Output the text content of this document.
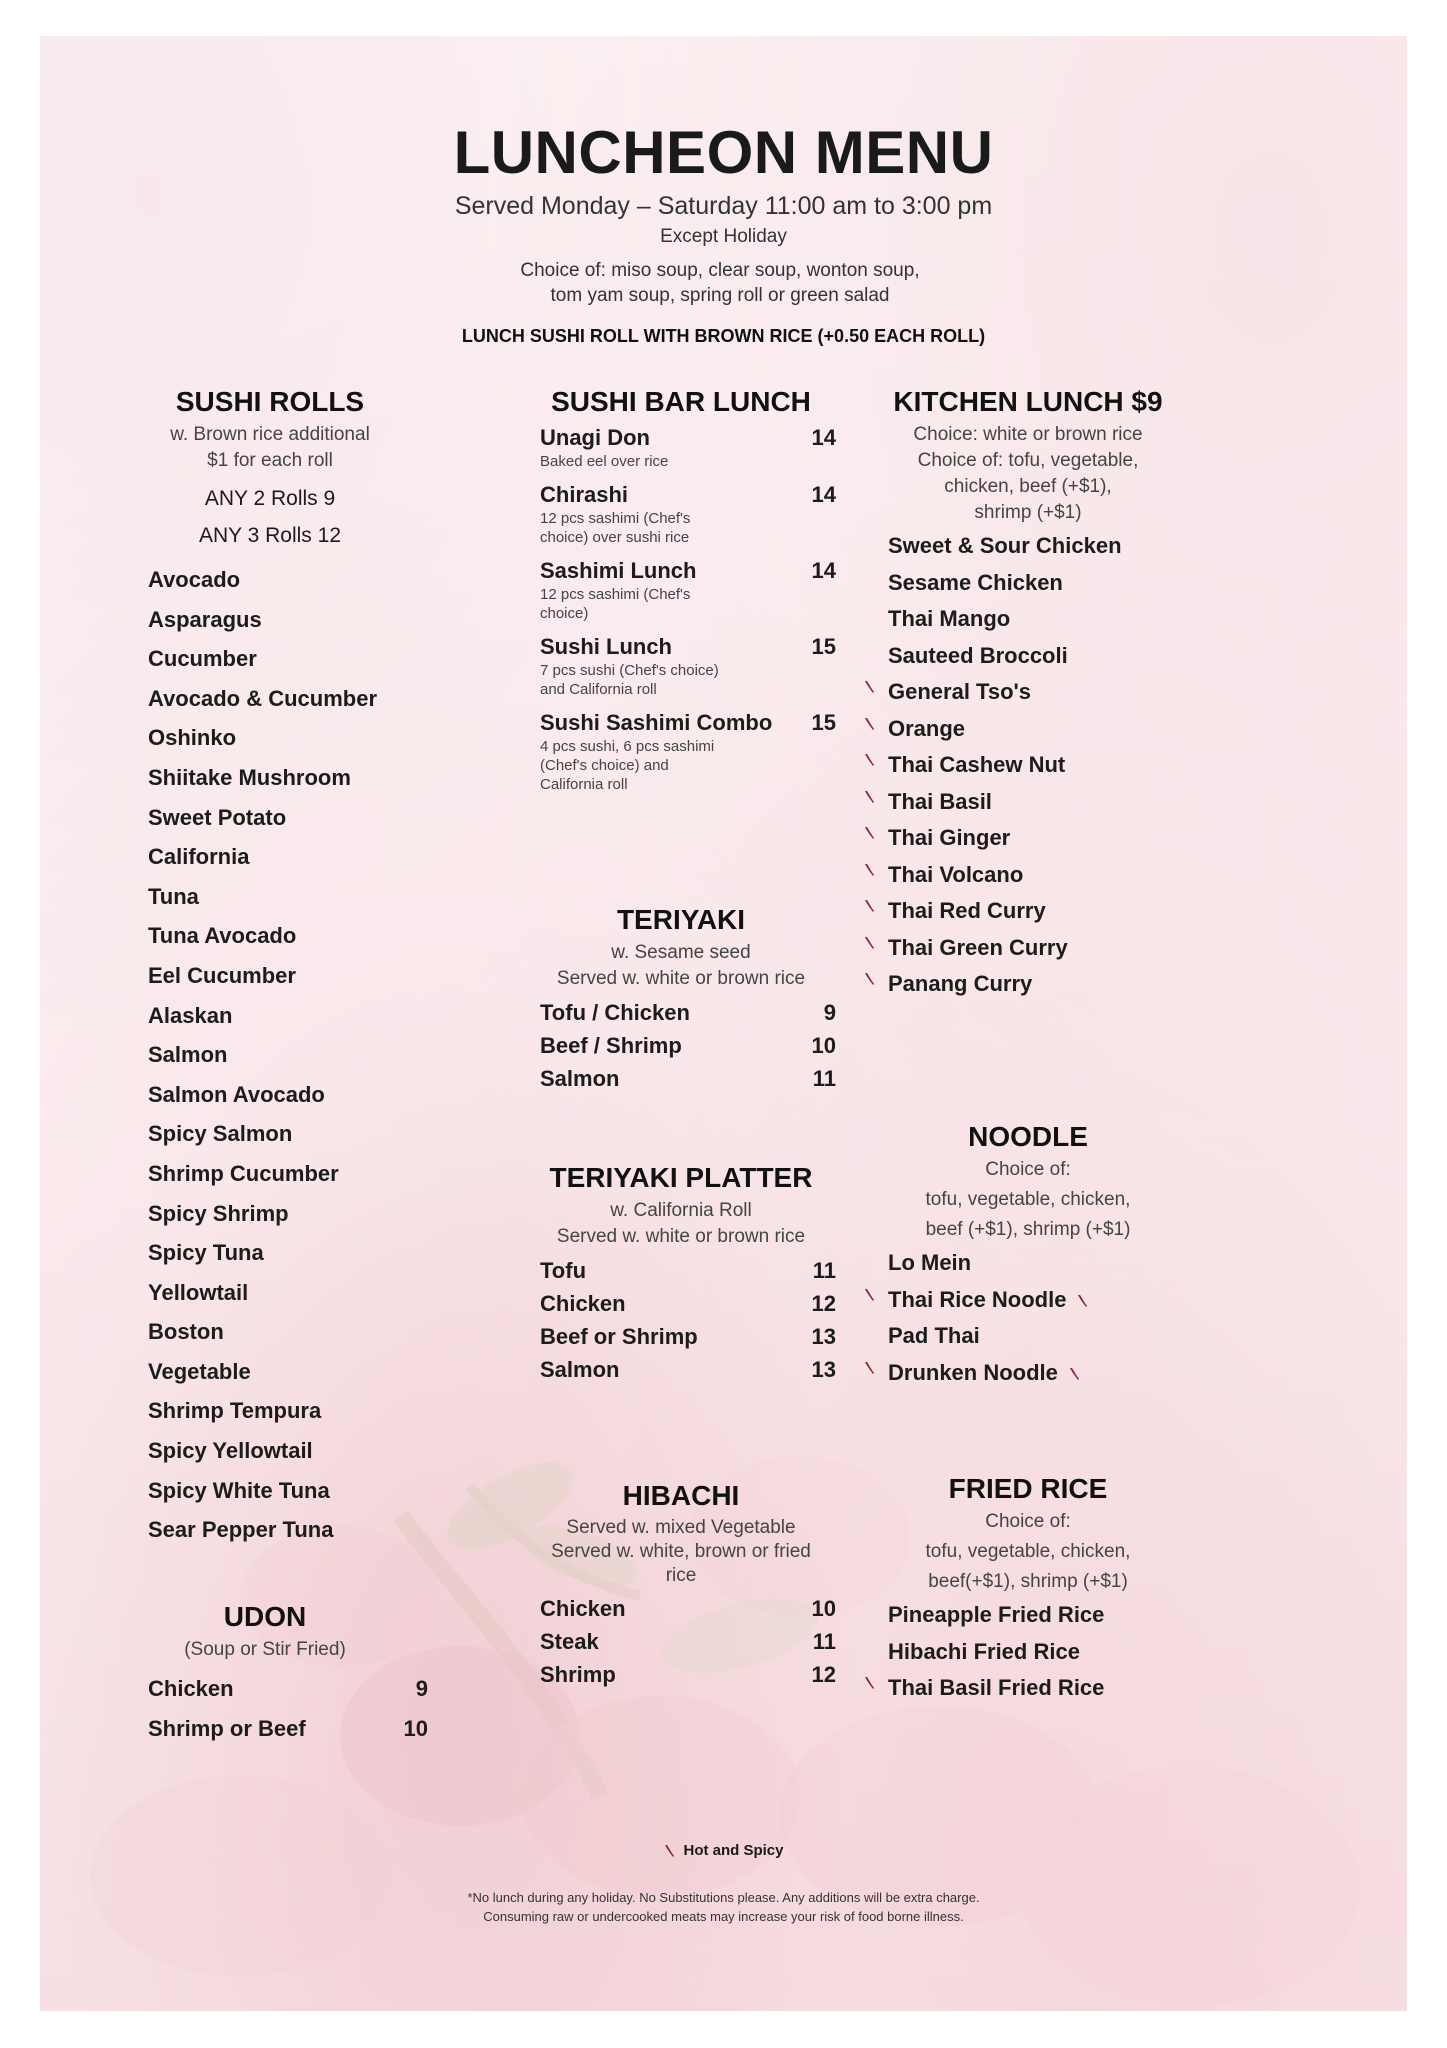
LUNCHEON MENU
Served Monday – Saturday 11:00 am to 3:00 pm
Except Holiday
Choice of: miso soup, clear soup, wonton soup,
tom yam soup, spring roll or green salad
LUNCH SUSHI ROLL WITH BROWN RICE (+0.50 EACH ROLL)
SUSHI ROLLS
w. Brown rice additional
$1 for each roll
ANY 2 Rolls 9
ANY 3 Rolls 12
Avocado
Asparagus
Cucumber
Avocado & Cucumber
Oshinko
Shiitake Mushroom
Sweet Potato
California
Tuna
Tuna Avocado
Eel Cucumber
Alaskan
Salmon
Salmon Avocado
Spicy Salmon
Shrimp Cucumber
Spicy Shrimp
Spicy Tuna
Yellowtail
Boston
Vegetable
Shrimp Tempura
Spicy Yellowtail
Spicy White Tuna
Sear Pepper Tuna
UDON
(Soup or Stir Fried)
Chicken	9
Shrimp or Beef	10
SUSHI BAR LUNCH
Unagi Don	14
Baked eel over rice
Chirashi	14
12 pcs sashimi (Chef's
choice) over sushi rice
Sashimi Lunch	14
12 pcs sashimi (Chef's
choice)
Sushi Lunch	15
7 pcs sushi (Chef's choice)
and California roll
Sushi Sashimi Combo 15
4 pcs sushi, 6 pcs sashimi
(Chef's choice) and
California roll
TERIYAKI
w. Sesame seed
Served w. white or brown rice
Tofu / Chicken	9
Beef / Shrimp	10
Salmon	11
TERIYAKI PLATTER
w. California Roll
Served w. white or brown rice
Tofu	11
Chicken	12
Beef or Shrimp	13
Salmon	13
HIBACHI
Served w. mixed Vegetable
Served w. white, brown or fried
rice
Chicken	10
Steak	11
Shrimp	12
KITCHEN LUNCH $9
Choice: white or brown rice
Choice of: tofu, vegetable,
chicken, beef (+$1),
shrimp (+$1)
Sweet & Sour Chicken
Sesame Chicken
Thai Mango
Sauteed Broccoli
General Tso's
Orange
Thai Cashew Nut
Thai Basil
Thai Ginger
Thai Volcano
Thai Red Curry
Thai Green Curry
Panang Curry
NOODLE
Choice of:
tofu, vegetable, chicken,
beef (+$1), shrimp (+$1)
Lo Mein
Thai Rice Noodle
Pad Thai
Drunken Noodle
FRIED RICE
Choice of:
tofu, vegetable, chicken,
beef(+$1), shrimp (+$1)
Pineapple Fried Rice
Hibachi Fried Rice
Thai Basil Fried Rice
Hot and Spicy
*No lunch during any holiday. No Substitutions please. Any additions will be extra charge.
Consuming raw or undercooked meats may increase your risk of food borne illness.
